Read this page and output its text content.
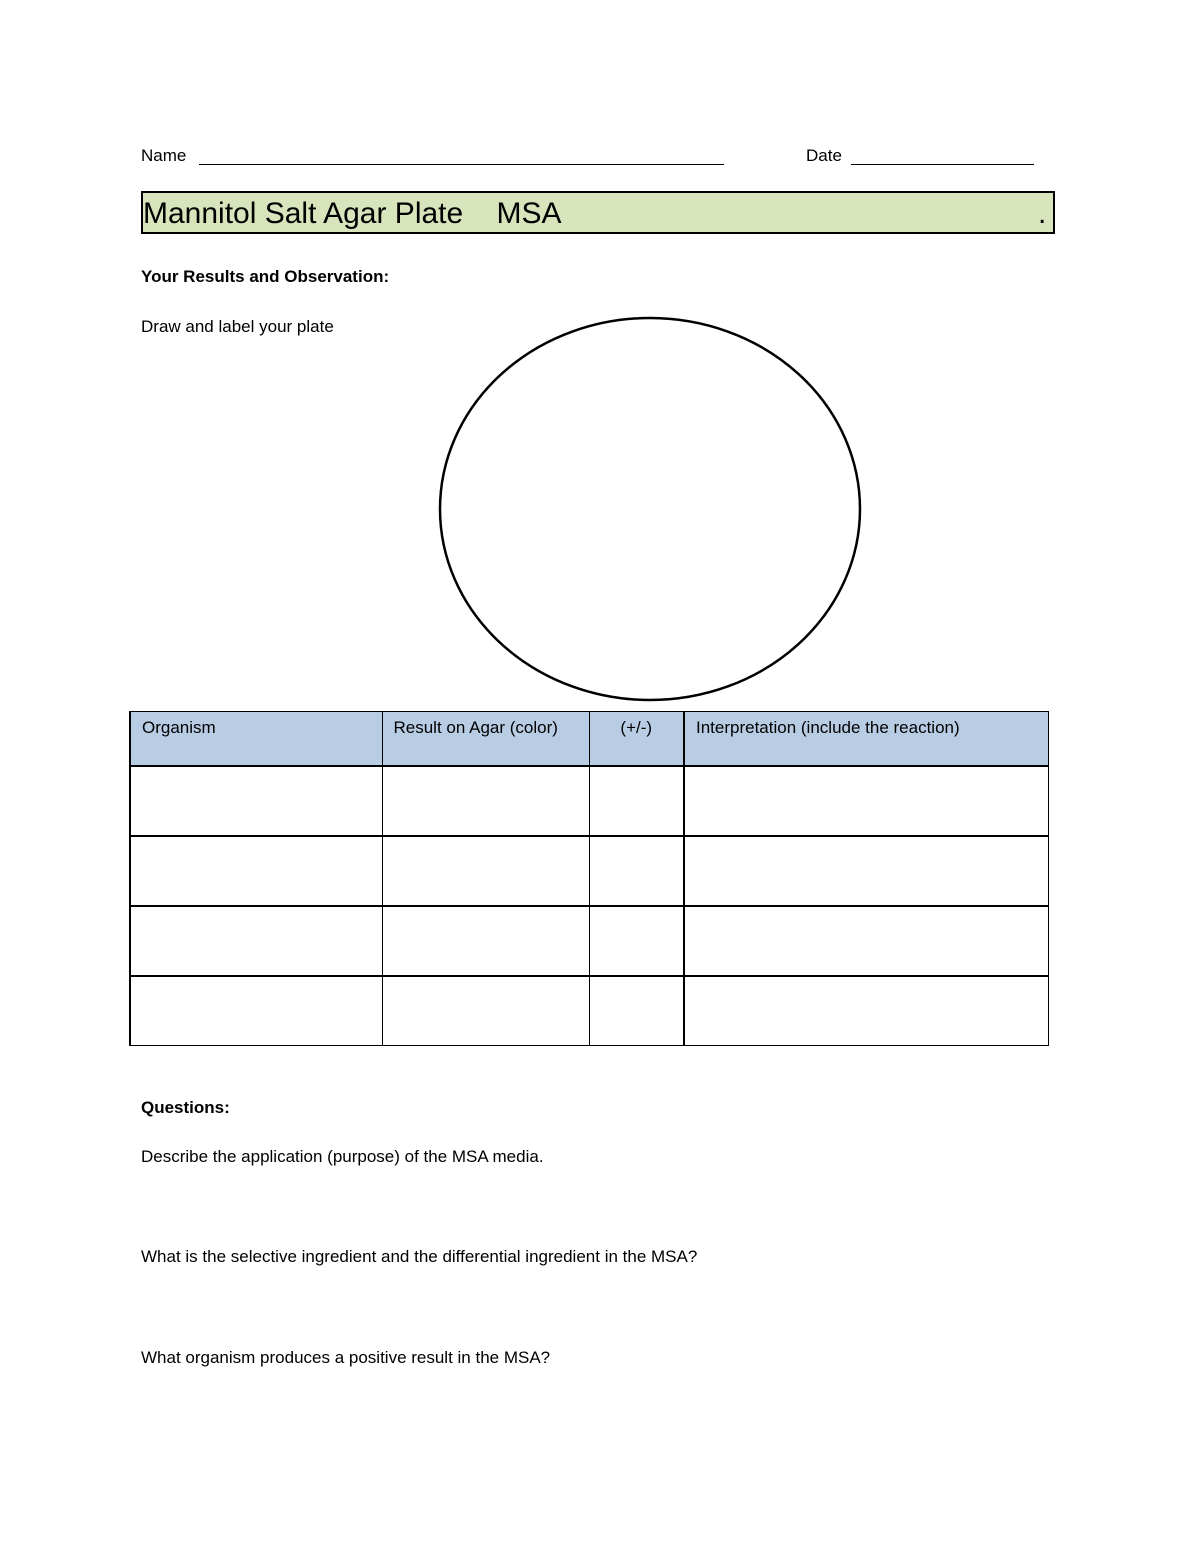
Name	Date
Mannitol Salt Agar Plate    MSA	.
Your Results and Observation:
Draw and label your plate
Organism	Result on Agar (color)	(+/-)	Interpretation (include the reaction)

Questions:
Describe the application (purpose) of the MSA media.
What is the selective ingredient and the differential ingredient in the MSA?
What organism produces a positive result in the MSA?
